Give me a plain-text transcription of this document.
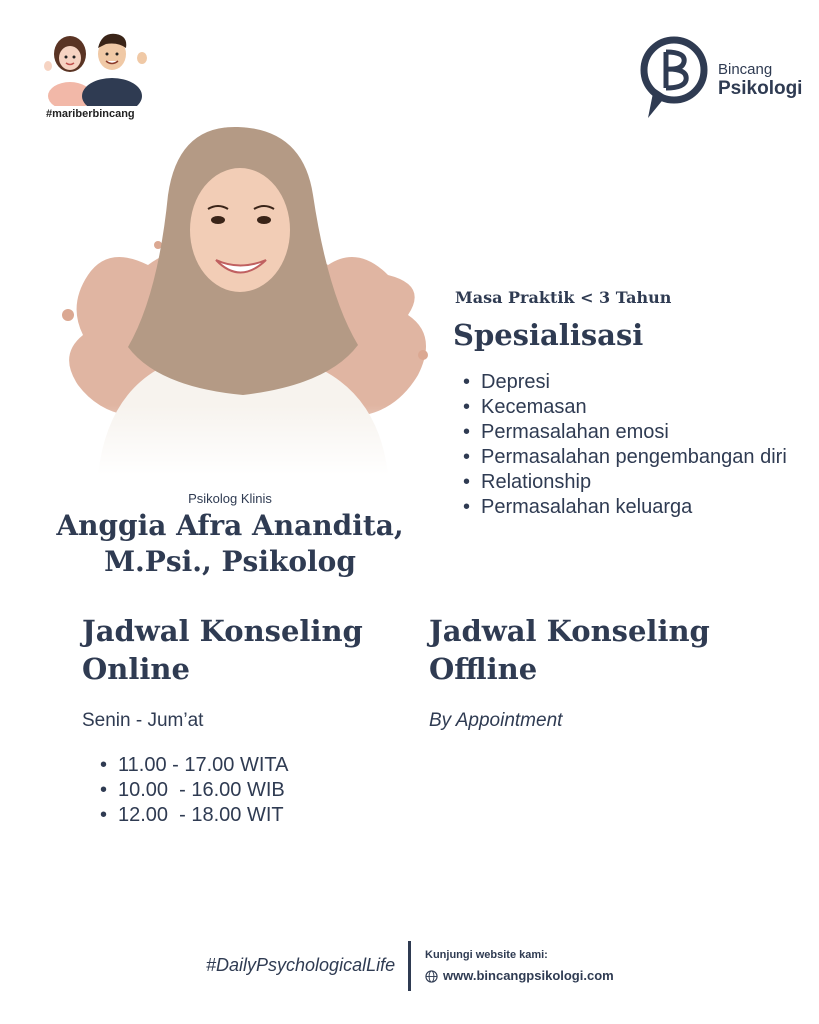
#mariberbincang
Bincang
Psikologi
Psikolog Klinis
Anggia Afra Anandita,
M.Psi., Psikolog
Masa Praktik < 3 Tahun
Spesialisasi
• Depresi
• Kecemasan
• Permasalahan emosi
• Permasalahan pengembangan diri
• Relationship
• Permasalahan keluarga
Jadwal Konseling
Online
Jadwal Konseling
Offline
Senin - Jum’at	By Appointment
• 11.00 - 17.00 WITA
• 10.00  - 16.00 WIB
• 12.00  - 18.00 WIT
#DailyPsychologicalLife	Kunjungi website kami:
www.bincangpsikologi.com
